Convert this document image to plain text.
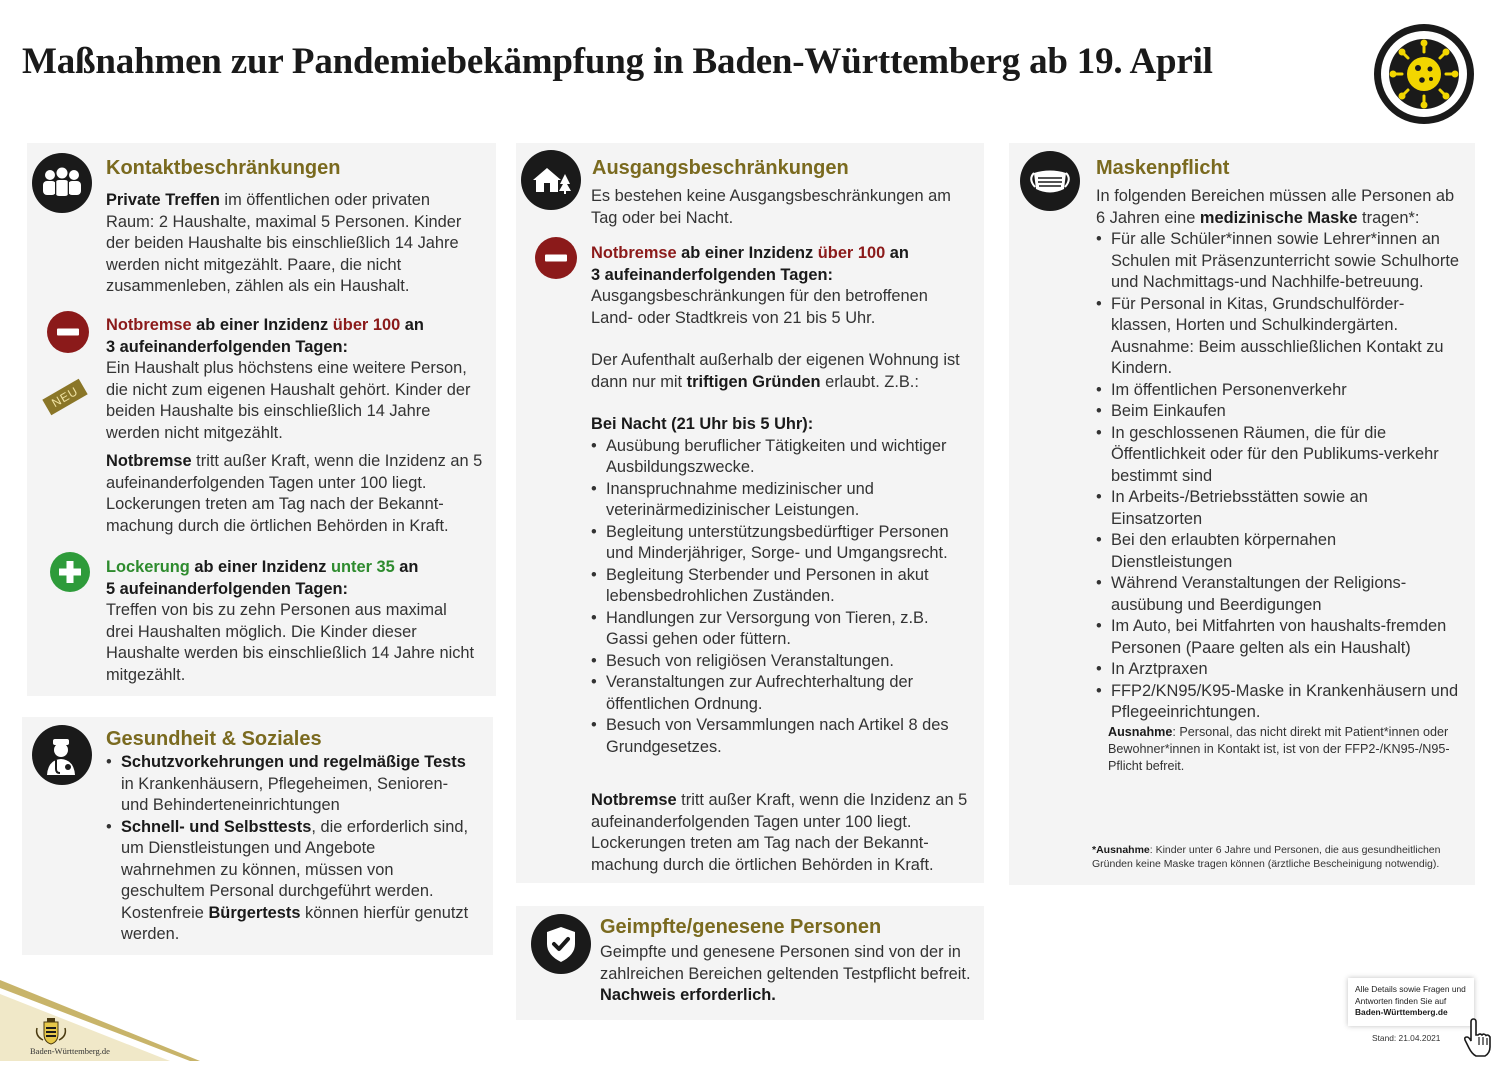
Maßnahmen zur Pandemiebekämpfung in Baden-Württemberg ab 19. April
Kontaktbeschränkungen

Private Treffen im öffentlichen oder privaten Raum: 2 Haushalte, maximal 5 Personen. Kinder der beiden Haushalte bis einschließlich 14 Jahre werden nicht mitgezählt. Paare, die nicht zusammenleben, zählen als ein Haushalt.

NEU

Notbremse ab einer Inzidenz über 100 an

3 aufeinanderfolgenden Tagen:

Ein Haushalt plus höchstens eine weitere Person, die nicht zum eigenen Haushalt gehört. Kinder der beiden Haushalte bis einschließlich 14 Jahre werden nicht mitgezählt.

Notbremse tritt außer Kraft, wenn die Inzidenz an 5 aufeinanderfolgenden Tagen unter 100 liegt. Lockerungen treten am Tag nach der Bekannt-machung durch die örtlichen Behörden in Kraft.

Lockerung ab einer Inzidenz unter 35 an

5 aufeinanderfolgenden Tagen:

Treffen von bis zu zehn Personen aus maximal drei Haushalten möglich. Die Kinder dieser Haushalte werden bis einschließlich 14 Jahre nicht mitgezählt.

Gesundheit & Soziales
• Schutzvorkehrungen und regelmäßige Tests in Krankenhäusern, Pflegeheimen, Senioren- und Behinderteneinrichtungen
• Schnell- und Selbsttests, die erforderlich sind, um Dienstleistungen und Angebote wahrnehmen zu können, müssen von geschultem Personal durchgeführt werden. Kostenfreie Bürgertests können hierfür genutzt werden.
Ausgangsbeschränkungen
Es bestehen keine Ausgangsbeschränkungen am Tag oder bei Nacht.

Notbremse ab einer Inzidenz über 100 an

3 aufeinanderfolgenden Tagen:

Ausgangsbeschränkungen für den betroffenen Land- oder Stadtkreis von 21 bis 5 Uhr.

Der Aufenthalt außerhalb der eigenen Wohnung ist dann nur mit triftigen Gründen erlaubt. Z.B.:

Bei Nacht (21 Uhr bis 5 Uhr):

• Ausübung beruflicher Tätigkeiten und wichtiger Ausbildungszwecke.
• Inanspruchnahme medizinischer und veterinärmedizinischer Leistungen.
• Begleitung unterstützungsbedürftiger Personen und Minderjähriger, Sorge- und Umgangsrecht.
• Begleitung Sterbender und Personen in akut lebensbedrohlichen Zuständen.
• Handlungen zur Versorgung von Tieren, z.B. Gassi gehen oder füttern.
• Besuch von religiösen Veranstaltungen.
• Veranstaltungen zur Aufrechterhaltung der öffentlichen Ordnung.
• Besuch von Versammlungen nach Artikel 8 des Grundgesetzes.

Notbremse tritt außer Kraft, wenn die Inzidenz an 5 aufeinanderfolgenden Tagen unter 100 liegt. Lockerungen treten am Tag nach der Bekannt-machung durch die örtlichen Behörden in Kraft.

Geimpfte/genesene Personen

Geimpfte und genesene Personen sind von der in zahlreichen Bereichen geltenden Testpflicht befreit. Nachweis erforderlich.

Maskenpflicht

In folgenden Bereichen müssen alle Personen ab 6 Jahren eine medizinische Maske tragen*:

• Für alle Schüler*innen sowie Lehrer*innen an Schulen mit Präsenzunterricht sowie Schulhorte und Nachmittags-und Nachhilfe-betreuung.
• Für Personal in Kitas, Grundschulförder-klassen, Horten und Schulkindergärten. Ausnahme: Beim ausschließlichen Kontakt zu Kindern.
• Im öffentlichen Personenverkehr
• Beim Einkaufen
• In geschlossenen Räumen, die für die Öffentlichkeit oder für den Publikums-verkehr bestimmt sind
• In Arbeits-/Betriebsstätten sowie an Einsatzorten
• Bei den erlaubten körpernahen Dienstleistungen
• Während Veranstaltungen der Religions-ausübung und Beerdigungen
• Im Auto, bei Mitfahrten von haushalts-fremden Personen (Paare gelten als ein Haushalt)
• In Arztpraxen
• FFP2/KN95/K95-Maske in Krankenhäusern und Pflegeeinrichtungen.

Ausnahme: Personal, das nicht direkt mit Patient*innen oder Bewohner*innen in Kontakt ist, ist von der FFP2-/KN95-/N95-Pflicht befreit.

*Ausnahme: Kinder unter 6 Jahre und Personen, die aus gesundheitlichen Gründen keine Maske tragen können (ärztliche Bescheinigung notwendig).
Alle Details sowie Fragen und Antworten finden Sie auf
Baden-Württemberg.de
Stand: 21.04.2021
Baden-Württemberg.de
